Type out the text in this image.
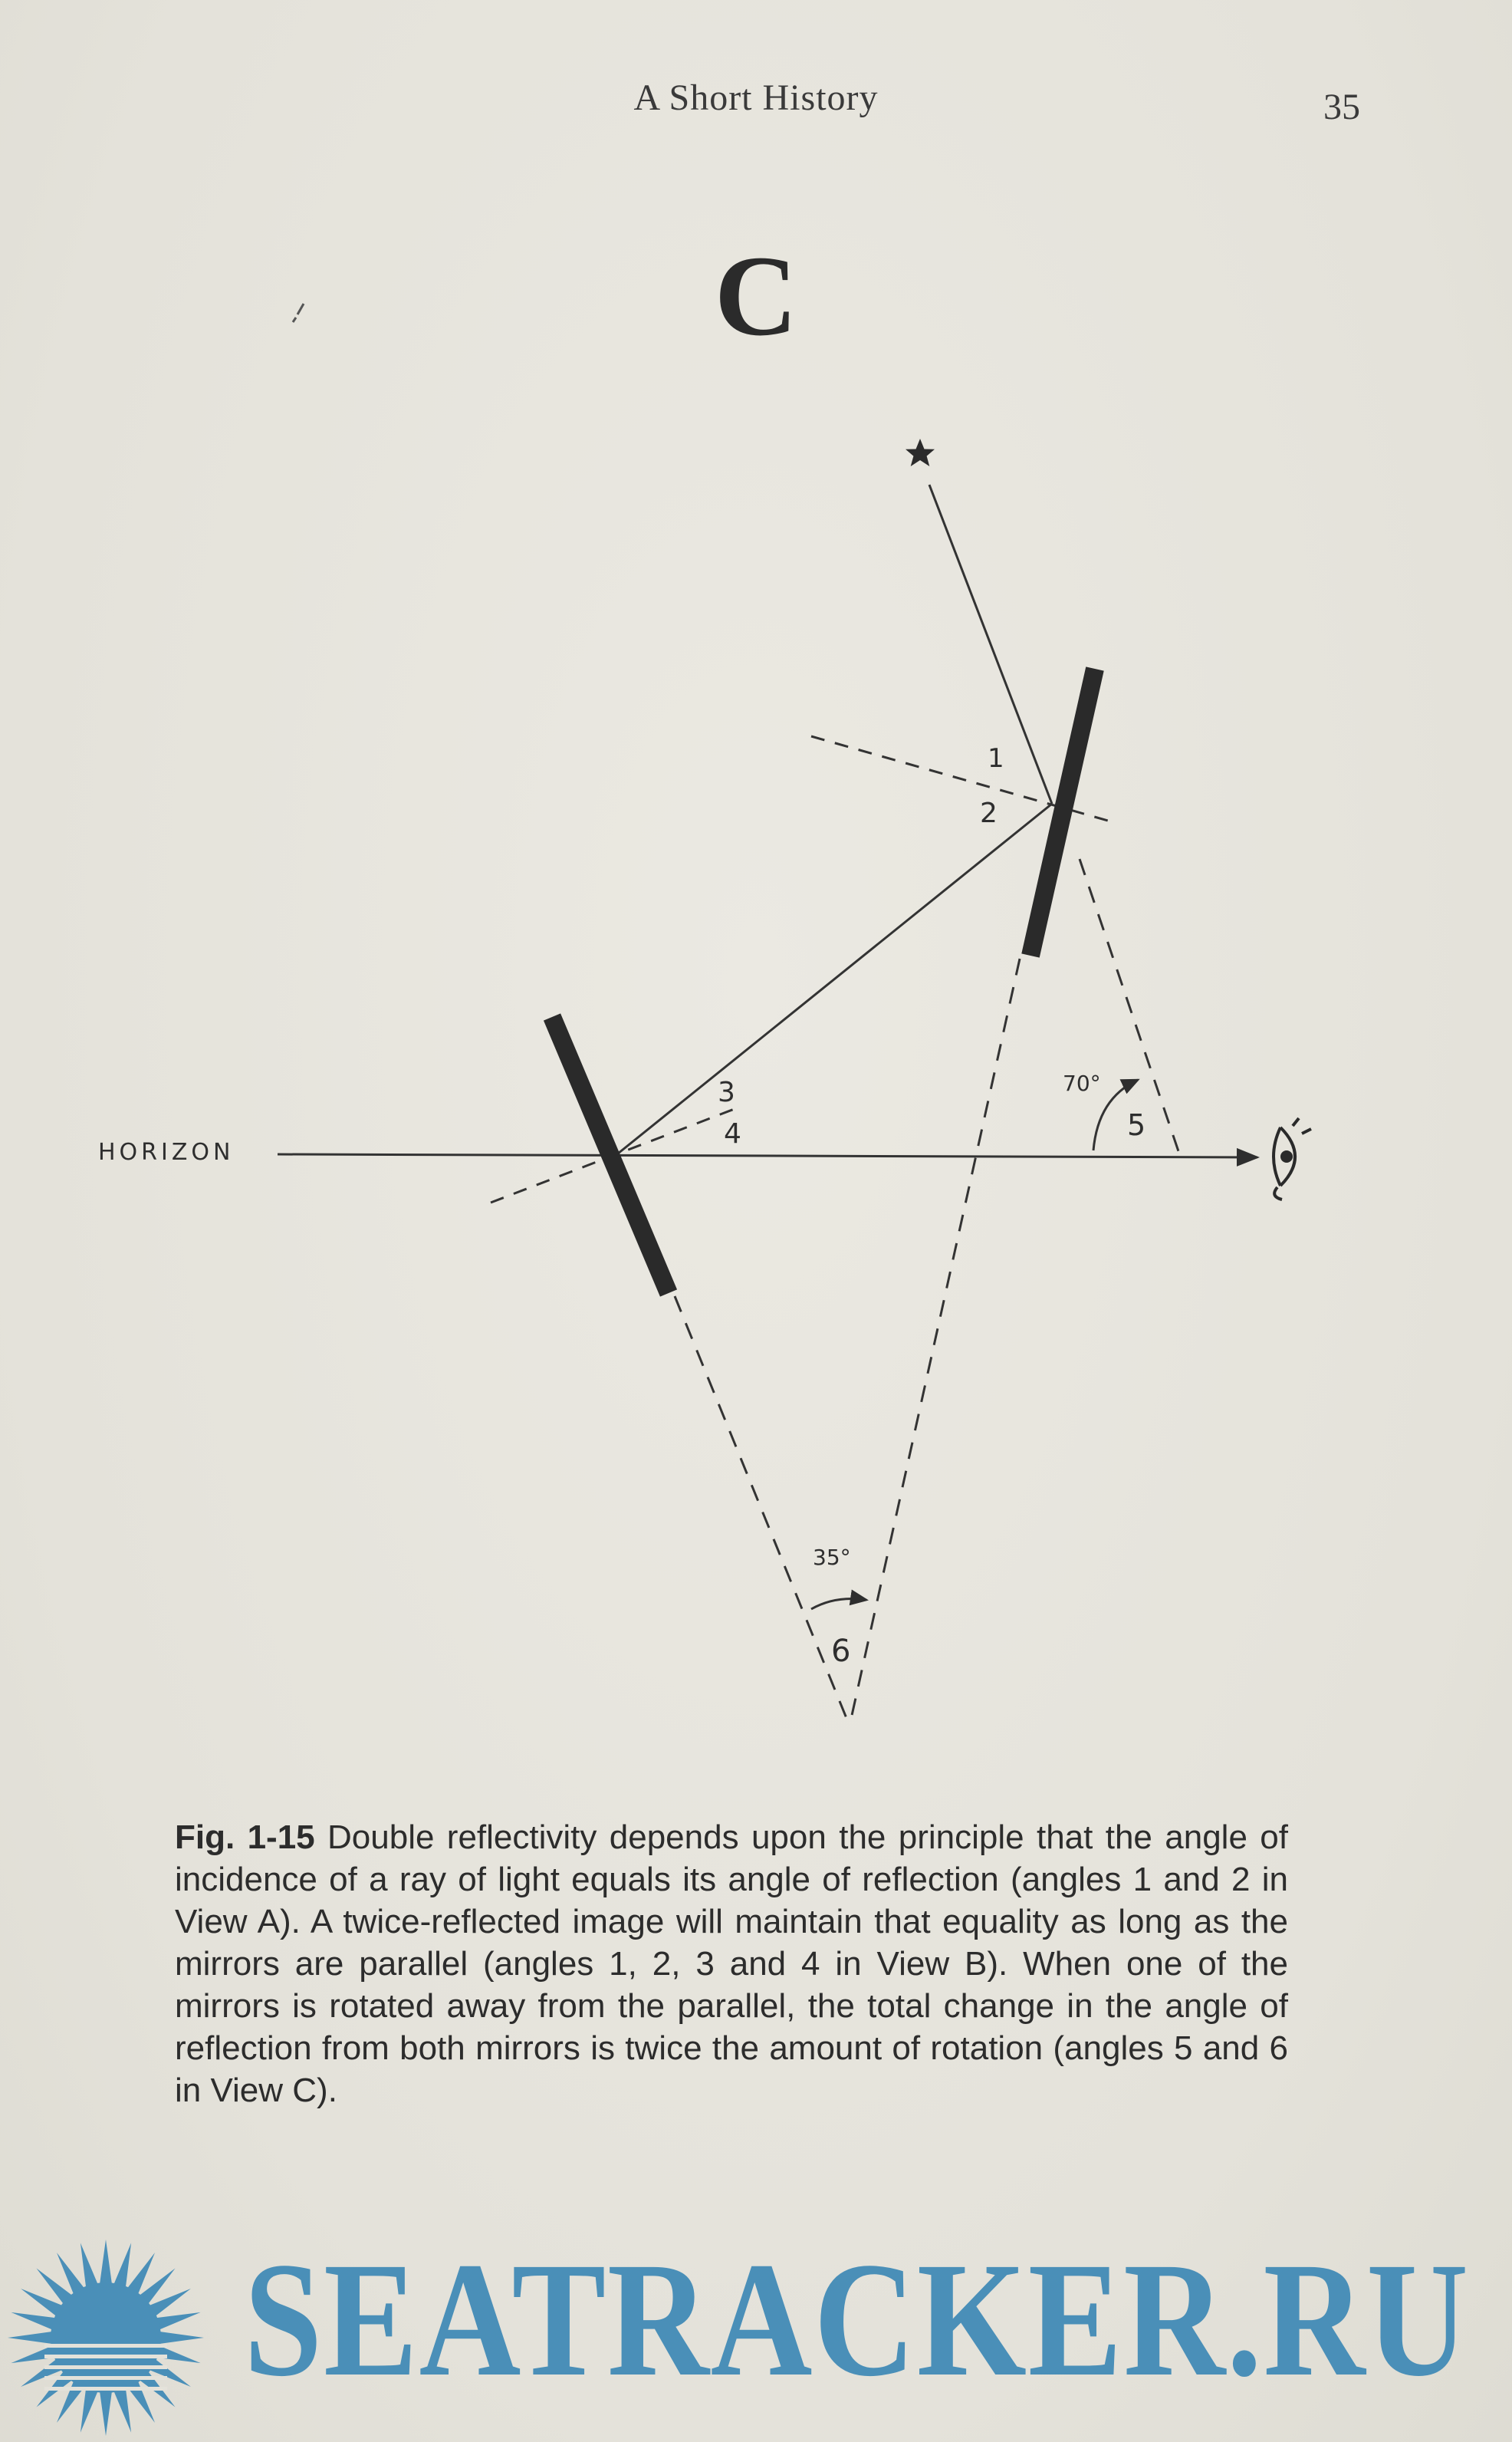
A Short History	35
C
HORIZON
1
2
3
4	5
70°
6
35°
Fig. 1-15 Double reflectivity depends upon the principle that the angle of incidence of a ray of light equals its angle of reflection (angles 1 and 2 in View A). A twice-reflected image will maintain that equality as long as the mirrors are parallel (angles 1, 2, 3 and 4 in View B). When one of the mirrors is rotated away from the parallel, the total change in the angle of reflection from both mirrors is twice the amount of rotation (angles 5 and 6 in View C).
SEATRACKER.RU
